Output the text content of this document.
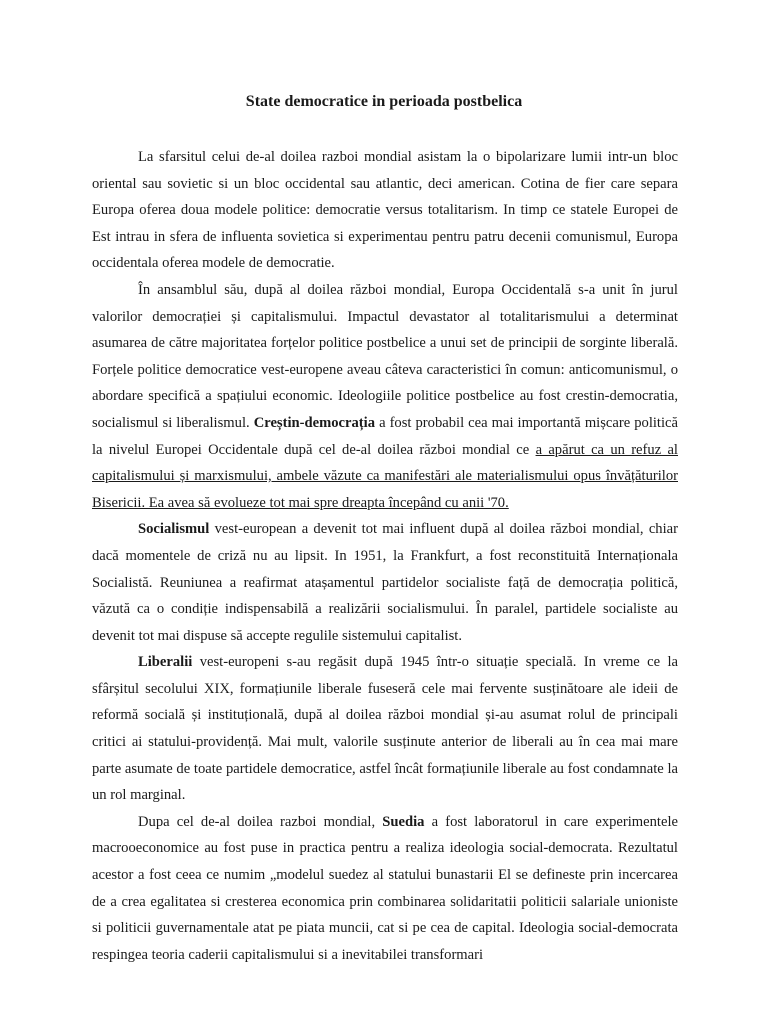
State democratice in perioada postbelica

La sfarsitul celui de-al doilea razboi mondial asistam la o bipolarizare lumii intr-un bloc oriental sau sovietic si un bloc occidental sau atlantic, deci american. Cotina de fier care separa Europa oferea doua modele politice: democratie versus totalitarism. In timp ce statele Europei de Est intrau in sfera de influenta sovietica si experimentau pentru patru decenii comunismul, Europa occidentala oferea modele de democratie.

În ansamblul său, după al doilea război mondial, Europa Occidentală s-a unit în jurul valorilor democrației și capitalismului. Impactul devastator al totalitarismului a determinat asumarea de către majoritatea forțelor politice postbelice a unui set de principii de sorginte liberală. Forțele politice democratice vest-europene aveau câteva caracteristici în comun: anticomunismul, o abordare specifică a spațiului economic. Ideologiile politice postbelice au fost crestin-democratia, socialismul si liberalismul. Creștin-democrația a fost probabil cea mai importantă mișcare politică la nivelul Europei Occidentale după cel de-al doilea război mondial ce a apărut ca un refuz al capitalismului și marxismului, ambele văzute ca manifestări ale materialismului opus învățăturilor Bisericii. Ea avea să evolueze tot mai spre dreapta începând cu anii '70.

Socialismul vest-european a devenit tot mai influent după al doilea război mondial, chiar dacă momentele de criză nu au lipsit. In 1951, la Frankfurt, a fost reconstituită Internaționala Socialistă. Reuniunea a reafirmat atașamentul partidelor socialiste față de democrația politică, văzută ca o condiție indispensabilă a realizării socialismului. În paralel, partidele socialiste au devenit tot mai dispuse să accepte regulile sistemului capitalist.

Liberalii vest-europeni s-au regăsit după 1945 într-o situație specială. In vreme ce la sfârșitul secolului XIX, formațiunile liberale fuseseră cele mai fervente susținătoare ale ideii de reformă socială și instituțională, după al doilea război mondial și-au asumat rolul de principali critici ai statului-providență. Mai mult, valorile susținute anterior de liberali au în cea mai mare parte asumate de toate partidele democratice, astfel încât formațiunile liberale au fost condamnate la un rol marginal.

Dupa cel de-al doilea razboi mondial, Suedia a fost laboratorul in care experimentele macrooeconomice au fost puse in practica pentru a realiza ideologia social-democrata. Rezultatul acestor a fost ceea ce numim „modelul suedez al statului bunastarii El se defineste prin incercarea de a crea egalitatea si cresterea economica prin combinarea solidaritatii politicii salariale unioniste si politicii guvernamentale atat pe piata muncii, cat si pe cea de capital. Ideologia social-democrata respingea teoria caderii capitalismului si a inevitabilei transformari
